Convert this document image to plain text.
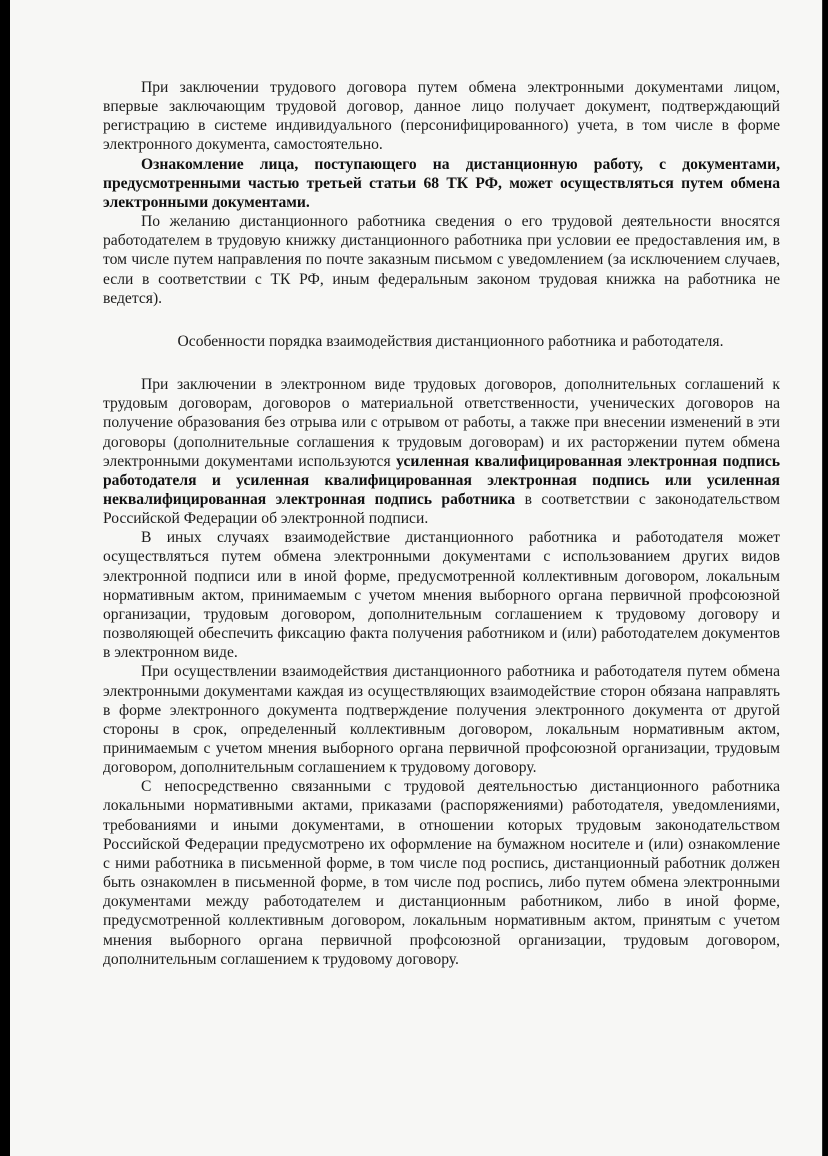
При заключении трудового договора путем обмена электронными документами лицом, впервые заключающим трудовой договор, данное лицо получает документ, подтверждающий регистрацию в системе индивидуального (персонифицированного) учета, в том числе в форме электронного документа, самостоятельно.

Ознакомление лица, поступающего на дистанционную работу, с документами, предусмотренными частью третьей статьи 68 ТК РФ, может осуществляться путем обмена электронными документами.

По желанию дистанционного работника сведения о его трудовой деятельности вносятся работодателем в трудовую книжку дистанционного работника при условии ее предоставления им, в том числе путем направления по почте заказным письмом с уведомлением (за исключением случаев, если в соответствии с ТК РФ, иным федеральным законом трудовая книжка на работника не ведется).

Особенности порядка взаимодействия дистанционного работника и работодателя.

При заключении в электронном виде трудовых договоров, дополнительных соглашений к трудовым договорам, договоров о материальной ответственности, ученических договоров на получение образования без отрыва или с отрывом от работы, а также при внесении изменений в эти договоры (дополнительные соглашения к трудовым договорам) и их расторжении путем обмена электронными документами используются усиленная квалифицированная электронная подпись работодателя и усиленная квалифицированная электронная подпись или усиленная неквалифицированная электронная подпись работника в соответствии с законодательством Российской Федерации об электронной подписи.

В иных случаях взаимодействие дистанционного работника и работодателя может осуществляться путем обмена электронными документами с использованием других видов электронной подписи или в иной форме, предусмотренной коллективным договором, локальным нормативным актом, принимаемым с учетом мнения выборного органа первичной профсоюзной организации, трудовым договором, дополнительным соглашением к трудовому договору и позволяющей обеспечить фиксацию факта получения работником и (или) работодателем документов в электронном виде.

При осуществлении взаимодействия дистанционного работника и работодателя путем обмена электронными документами каждая из осуществляющих взаимодействие сторон обязана направлять в форме электронного документа подтверждение получения электронного документа от другой стороны в срок, определенный коллективным договором, локальным нормативным актом, принимаемым с учетом мнения выборного органа первичной профсоюзной организации, трудовым договором, дополнительным соглашением к трудовому договору.

С непосредственно связанными с трудовой деятельностью дистанционного работника локальными нормативными актами, приказами (распоряжениями) работодателя, уведомлениями, требованиями и иными документами, в отношении которых трудовым законодательством Российской Федерации предусмотрено их оформление на бумажном носителе и (или) ознакомление с ними работника в письменной форме, в том числе под роспись, дистанционный работник должен быть ознакомлен в письменной форме, в том числе под роспись, либо путем обмена электронными документами между работодателем и дистанционным работником, либо в иной форме, предусмотренной коллективным договором, локальным нормативным актом, принятым с учетом мнения выборного органа первичной профсоюзной организации, трудовым договором, дополнительным соглашением к трудовому договору.
